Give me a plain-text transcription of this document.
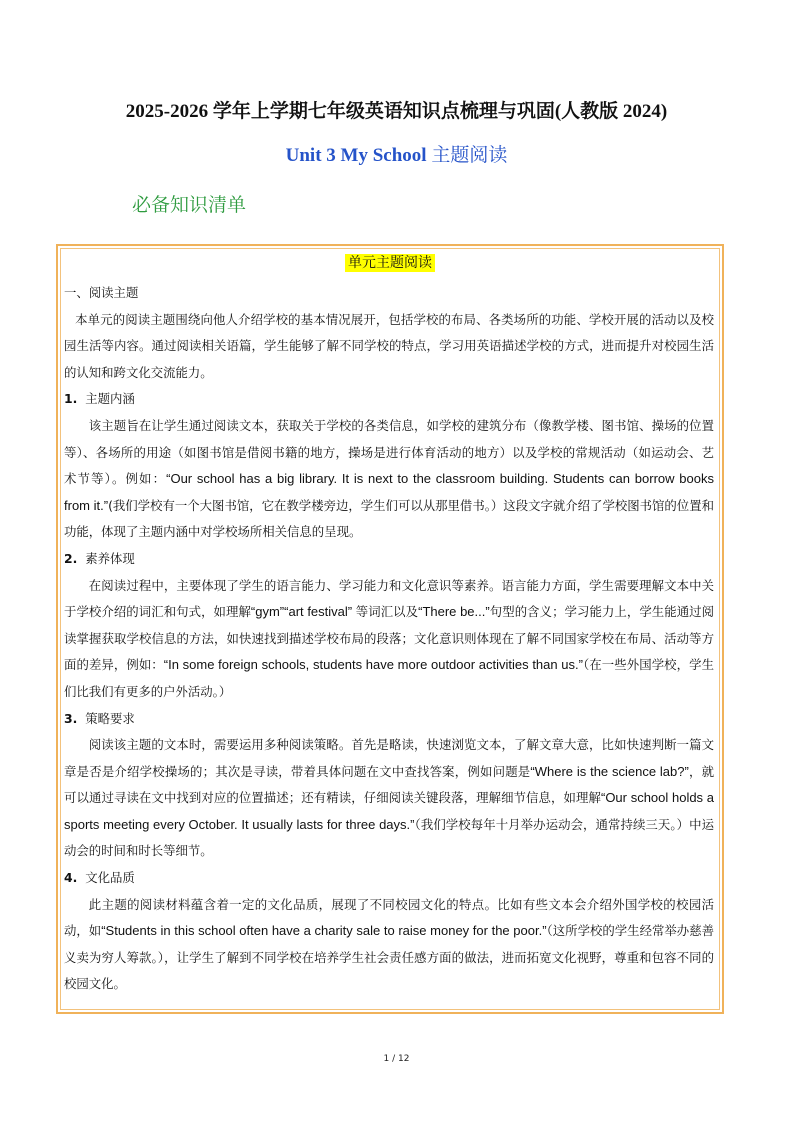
2025-2026 学年上学期七年级英语知识点梳理与巩固(人教版 2024)
Unit 3 My School 主题阅读
必备知识清单
单元主题阅读

一、阅读主题

本单元的阅读主题围绕向他人介绍学校的基本情况展开，包括学校的布局、各类场所的功能、学校开展的活动以及校园生活等内容。通过阅读相关语篇，学生能够了解不同学校的特点，学习用英语描述学校的方式，进而提升对校园生活的认知和跨文化交流能力。

1. 主题内涵

该主题旨在让学生通过阅读文本，获取关于学校的各类信息，如学校的建筑分布（像教学楼、图书馆、操场的位置等）、各场所的用途（如图书馆是借阅书籍的地方，操场是进行体育活动的地方）以及学校的常规活动（如运动会、艺术节等）。例如：“Our school has a big library. It is next to the classroom building. Students can borrow books from it.”(我们学校有一个大图书馆，它在教学楼旁边，学生们可以从那里借书。）这段文字就介绍了学校图书馆的位置和功能，体现了主题内涵中对学校场所相关信息的呈现。

2. 素养体现

在阅读过程中，主要体现了学生的语言能力、学习能力和文化意识等素养。语言能力方面，学生需要理解文本中关于学校介绍的词汇和句式，如理解“gym”“art festival” 等词汇以及“There be...”句型的含义；学习能力上，学生能通过阅读掌握获取学校信息的方法，如快速找到描述学校布局的段落；文化意识则体现在了解不同国家学校在布局、活动等方面的差异，例如：“In some foreign schools, students have more outdoor activities than us.”（在一些外国学校，学生们比我们有更多的户外活动。）

3. 策略要求

阅读该主题的文本时，需要运用多种阅读策略。首先是略读，快速浏览文本，了解文章大意，比如快速判断一篇文章是否是介绍学校操场的；其次是寻读，带着具体问题在文中查找答案，例如问题是“Where is the science lab?”，就可以通过寻读在文中找到对应的位置描述；还有精读，仔细阅读关键段落，理解细节信息，如理解“Our school holds a sports meeting every October. It usually lasts for three days.”（我们学校每年十月举办运动会，通常持续三天。）中运动会的时间和时长等细节。

4. 文化品质

此主题的阅读材料蕴含着一定的文化品质，展现了不同校园文化的特点。比如有些文本会介绍外国学校的校园活动，如“Students in this school often have a charity sale to raise money for the poor.”（这所学校的学生经常举办慈善义卖为穷人筹款。），让学生了解到不同学校在培养学生社会责任感方面的做法，进而拓宽文化视野，尊重和包容不同的校园文化。

1 / 12
